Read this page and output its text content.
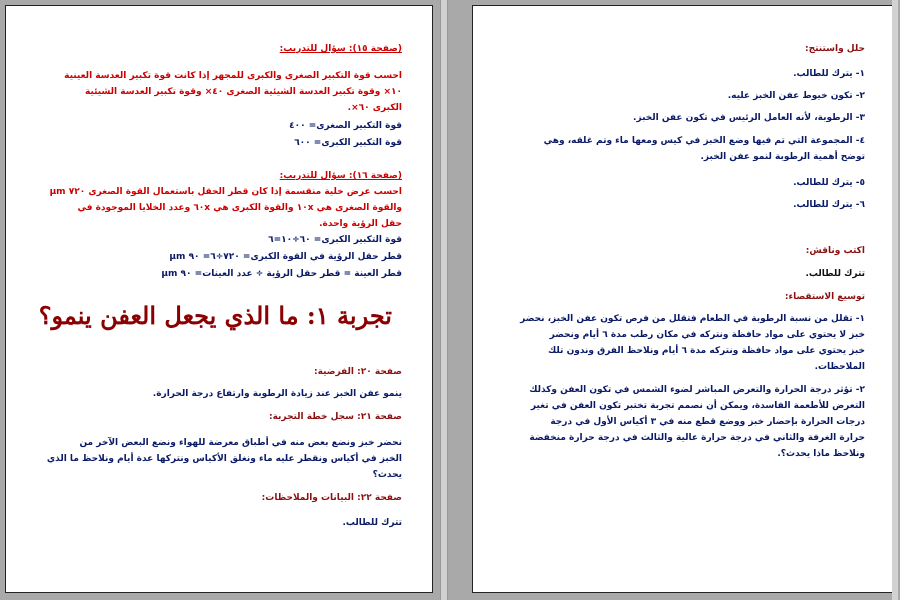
(صفحة ١٥): سؤال للتدريب:

احسب قوة التكبير الصغرى والكبرى للمجهر إذا كانت قوة تكبير العدسة العينية

١٠× وقوة تكبير العدسة الشيئية الصغرى ٤٠× وقوة تكبير العدسة الشيئية

الكبرى ٦٠×.

قوة التكبير الصغرى= ٤٠٠
قوة التكبير الكبرى= ٦٠٠
(صفحة ١٦): سؤال للتدريب:

احسب عرض خلية منقسمة إذا كان قطر الحقل باستعمال القوة الصغرى ٧٢٠ µm

والقوة الصغرى هي ١٠x والقوة الكبرى هي ٦٠x وعدد الخلايا الموجودة في

حقل الرؤية واحدة.

قوة التكبير الكبرى= ٦٠÷١٠=٦
قطر حقل الرؤية في القوة الكبرى= ٧٢٠÷٦= ٩٠ µm
قطر العينة = قطر حقل الرؤية ÷ عدد العينات= ٩٠ µm
تجربة ١: ما الذي يجعل العفن ينمو؟
صفحة ٢٠: الفرضية:
ينمو عفن الخبز عند زيادة الرطوبة وارتفاع درجة الحرارة.
صفحة ٢١: سجل خطة التجربة:

نحضر خبز ونضع بعض منه في أطباق معرضة للهواء ونضع البعض الآخر من

الخبز في أكياس ونقطر عليه ماء ونغلق الأكياس ونتركها عدة أيام ونلاحظ ما الذي

يحدث؟

صفحة ٢٢: البيانات والملاحظات:
تترك للطالب.
حلل واستنتج:
١- يترك للطالب.
٢- تكون خيوط عفن الخبز عليه.
٣- الرطوبة، لأنه العامل الرئيس في تكون عفن الخبز.

٤- المجموعة التي تم فيها وضع الخبز في كيس ومعها ماء وتم غلقه، وهي

توضح أهمية الرطوبة لنمو عفن الخبز.

٥- يترك للطالب.
٦- يترك للطالب.
اكتب وناقش:
تترك للطالب.
توسيع الاستقصاء:

١- تقلل من نسبة الرطوبة في الطعام فتقلل من فرص تكون عفن الخبز، نحضر

خبز لا يحتوي على مواد حافظة ونتركه في مكان رطب مدة ٦ أيام ونحضر

خبز يحتوي على مواد حافظة ونتركه مدة ٦ أيام ونلاحظ الفرق وندون تلك

الملاحظات.

٢- تؤثر درجة الحرارة والتعرض المباشر لضوء الشمس في تكون العفن وكذلك

التعرض للأطعمة الفاسدة، ويمكن أن نصمم تجربة تختبر تكون العفن في تغير

درجات الحرارة بإحضار خبز ووضع قطع منه في ٣ أكياس الأول في درجة

حرارة الغرفة والثاني في درجة حرارة عالية والثالث في درجة حرارة منخفضة

ونلاحظ ماذا يحدث؟.
